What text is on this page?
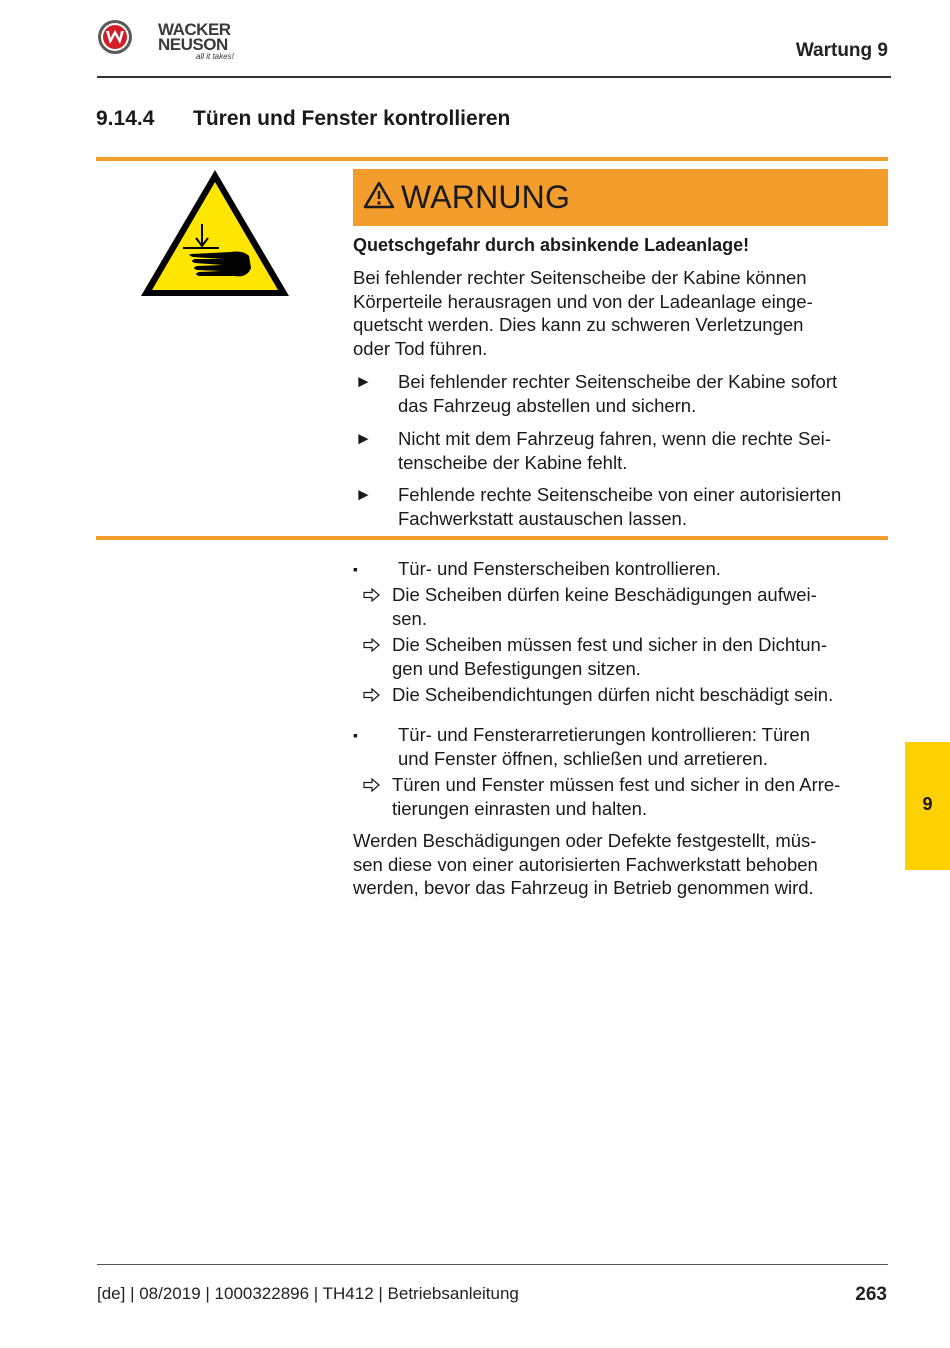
WACKER
NEUSON
all it takes!	Wartung 9
9.14.4 Türen und Fenster kontrollieren
WARNUNG
Quetschgefahr durch absinkende Ladeanlage!
Bei fehlender rechter Seitenscheibe der Kabine können
Körperteile herausragen und von der Ladeanlage einge-
quetscht werden. Dies kann zu schweren Verletzungen
oder Tod führen.
► Bei fehlender rechter Seitenscheibe der Kabine sofort
das Fahrzeug abstellen und sichern.
► Nicht mit dem Fahrzeug fahren, wenn die rechte Sei-
tenscheibe der Kabine fehlt.
► Fehlende rechte Seitenscheibe von einer autorisierten
Fachwerkstatt austauschen lassen.
▪ Tür- und Fensterscheiben kontrollieren.
Die Scheiben dürfen keine Beschädigungen aufwei-
sen.
Die Scheiben müssen fest und sicher in den Dichtun-
gen und Befestigungen sitzen.
Die Scheibendichtungen dürfen nicht beschädigt sein.
▪ Tür- und Fensterarretierungen kontrollieren: Türen
und Fenster öffnen, schließen und arretieren.
Türen und Fenster müssen fest und sicher in den Arre-
tierungen einrasten und halten.
Werden Beschädigungen oder Defekte festgestellt, müs-
sen diese von einer autorisierten Fachwerkstatt behoben
werden, bevor das Fahrzeug in Betrieb genommen wird.
9
[de] | 08/2019 | 1000322896 | TH412 | Betriebsanleitung	263
